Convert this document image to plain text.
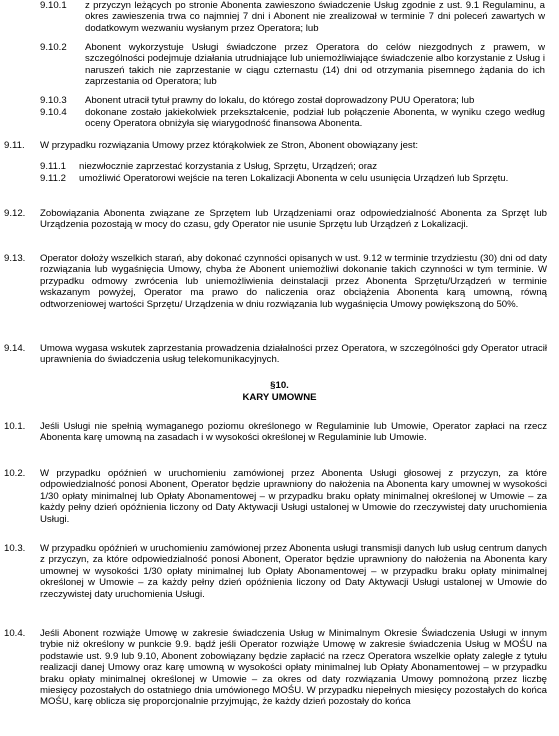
9.10.1 z przyczyn leżących po stronie Abonenta zawieszono świadczenie Usług zgodnie z ust. 9.1 Regulaminu, a okres zawieszenia trwa co najmniej 7 dni i Abonent nie zrealizował w terminie 7 dni poleceń zawartych w dodatkowym wezwaniu wysłanym przez Operatora; lub
9.10.2 Abonent wykorzystuje Usługi świadczone przez Operatora do celów niezgodnych z prawem, w szczególności podejmuje działania utrudniające lub uniemożliwiające świadczenie albo korzystanie z Usług i naruszeń takich nie zaprzestanie w ciągu czternastu (14) dni od otrzymania pisemnego żądania do ich zaprzestania od Operatora; lub
9.10.3 Abonent utracił tytuł prawny do lokalu, do którego został doprowadzony PUU Operatora; lub
9.10.4 dokonane zostało jakiekolwiek przekształcenie, podział lub połączenie Abonenta, w wyniku czego według oceny Operatora obniżyła się wiarygodność finansowa Abonenta.
9.11. W przypadku rozwiązania Umowy przez którąkolwiek ze Stron, Abonent obowiązany jest:
9.11.1 niezwłocznie zaprzestać korzystania z Usług, Sprzętu, Urządzeń; oraz
9.11.2 umożliwić Operatorowi wejście na teren Lokalizacji Abonenta w celu usunięcia Urządzeń lub Sprzętu.
9.12. Zobowiązania Abonenta związane ze Sprzętem lub Urządzeniami oraz odpowiedzialność Abonenta za Sprzęt lub Urządzenia pozostają w mocy do czasu, gdy Operator nie usunie Sprzętu lub Urządzeń z Lokalizacji.
9.13. Operator dołoży wszelkich starań, aby dokonać czynności opisanych w ust. 9.12 w terminie trzydziestu (30) dni od daty rozwiązania lub wygaśnięcia Umowy, chyba że Abonent uniemożliwi dokonanie takich czynności w tym terminie. W przypadku odmowy zwrócenia lub uniemożliwienia deinstalacji przez Abonenta Sprzętu/Urządzeń w terminie wskazanym powyżej, Operator ma prawo do naliczenia oraz obciążenia Abonenta karą umowną, równą odtworzeniowej wartości Sprzętu/ Urządzenia w dniu rozwiązania lub wygaśnięcia Umowy powiększoną do 50%.
9.14. Umowa wygasa wskutek zaprzestania prowadzenia działalności przez Operatora, w szczególności gdy Operator utracił uprawnienia do świadczenia usług telekomunikacyjnych.
§10.
KARY UMOWNE
10.1. Jeśli Usługi nie spełnią wymaganego poziomu określonego w Regulaminie lub Umowie, Operator zapłaci na rzecz Abonenta karę umowną na zasadach i w wysokości określonej w Regulaminie lub Umowie.
10.2. W przypadku opóźnień w uruchomieniu zamówionej przez Abonenta Usługi głosowej z przyczyn, za które odpowiedzialność ponosi Abonent, Operator będzie uprawniony do nałożenia na Abonenta kary umownej w wysokości 1/30 opłaty minimalnej lub Opłaty Abonamentowej – w przypadku braku opłaty minimalnej określonej w Umowie – za każdy pełny dzień opóźnienia liczony od Daty Aktywacji Usługi ustalonej w Umowie do rzeczywistej daty uruchomienia Usługi.
10.3. W przypadku opóźnień w uruchomieniu zamówionej przez Abonenta usługi transmisji danych lub usług centrum danych z przyczyn, za które odpowiedzialność ponosi Abonent, Operator będzie uprawniony do nałożenia na Abonenta kary umownej w wysokości 1/30 opłaty minimalnej lub Opłaty Abonamentowej – w przypadku braku opłaty minimalnej określonej w Umowie – za każdy pełny dzień opóźnienia liczony od Daty Aktywacji Usługi ustalonej w Umowie do rzeczywistej daty uruchomienia Usługi.
10.4. Jeśli Abonent rozwiąże Umowę w zakresie świadczenia Usług w Minimalnym Okresie Świadczenia Usługi w innym trybie niż określony w punkcie 9.9. bądź jeśli Operator rozwiąże Umowę w zakresie świadczenia Usług w MOŚU na podstawie ust. 9.9 lub 9.10, Abonent zobowiązany będzie zapłacić na rzecz Operatora wszelkie opłaty zaległe z tytułu realizacji danej Umowy oraz karę umowną w wysokości opłaty minimalnej lub Opłaty Abonamentowej – w przypadku braku opłaty minimalnej określonej w Umowie – za okres od daty rozwiązania Umowy pomnożoną przez liczbę miesięcy pozostałych do ostatniego dnia umówionego MOŚU. W przypadku niepełnych miesięcy pozostałych do końca MOŚU, karę oblicza się proporcjonalnie przyjmując, że każdy dzień pozostały do końca
